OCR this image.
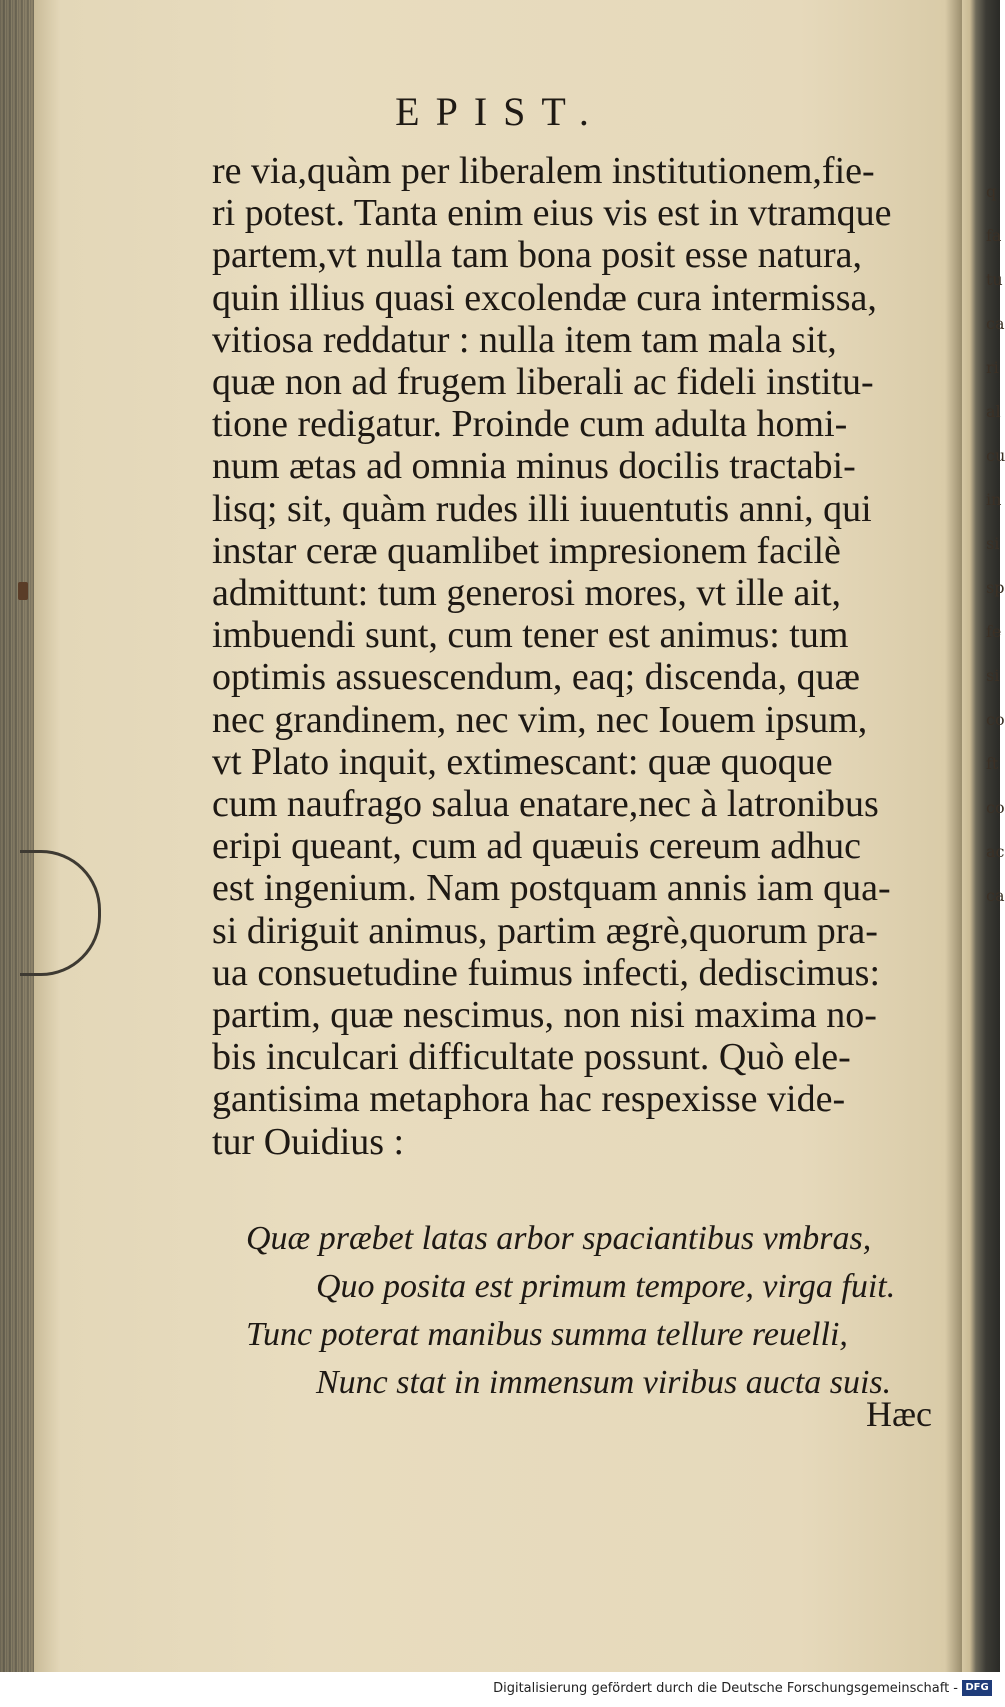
q
fa
tu
ca
ri
al
cu
in
si
sp
fe
si
co
ft
co
ac
ca
EPIST.
re via,quàm per liberalem institutionem,fie-
ri potest. Tanta enim eius vis est in vtramque
partem,vt nulla tam bona posit esse natura,
quin illius quasi excolendæ cura intermissa,
vitiosa reddatur : nulla item tam mala sit,
quæ non ad frugem liberali ac fideli institu-
tione redigatur. Proinde cum adulta homi-
num ætas ad omnia minus docilis tractabi-
lisq; sit, quàm rudes illi iuuentutis anni, qui
instar ceræ quamlibet impresionem facilè
admittunt: tum generosi mores, vt ille ait,
imbuendi sunt, cum tener est animus: tum
optimis assuescendum, eaq; discenda, quæ
nec grandinem, nec vim, nec Iouem ipsum,
vt Plato inquit, extimescant: quæ quoque
cum naufrago salua enatare,nec à latronibus
eripi queant, cum ad quæuis cereum adhuc
est ingenium. Nam postquam annis iam qua-
si diriguit animus, partim ægrè,quorum pra-
ua consuetudine fuimus infecti, dediscimus:
partim, quæ nescimus, non nisi maxima no-
bis inculcari difficultate possunt. Quò ele-
gantisima metaphora hac respexisse vide-
tur Ouidius :
Quæ præbet latas arbor spaciantibus vmbras,
Quo posita est primum tempore, virga fuit.
Tunc poterat manibus summa tellure reuelli,
Nunc stat in immensum viribus aucta suis.
Hæc
Digitalisierung gefördert durch die Deutsche Forschungsgemeinschaft - DFG
